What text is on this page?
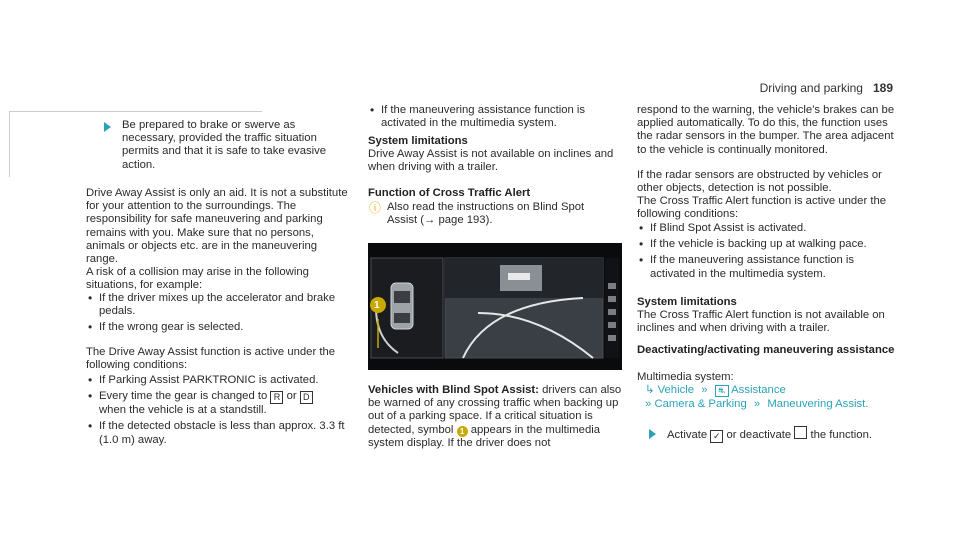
Driving and parking 189

Be prepared to brake or swerve as necessary, provided the traffic situation permits and that it is safe to take evasive action.

Drive Away Assist is only an aid. It is not a substitute for your attention to the surroundings. The responsibility for safe maneuvering and parking remains with you. Make sure that no persons, animals or objects etc. are in the maneuvering range.

A risk of a collision may arise in the following situations, for example:

• If the driver mixes up the accelerator and brake pedals.
• If the wrong gear is selected.

The Drive Away Assist function is active under the following conditions:

• If Parking Assist PARKTRONIC is activated.
• Every time the gear is changed to R or D
when the vehicle is at a standstill.
• If the detected obstacle is less than approx. 3.3 ft (1.0 m) away.
• If the maneuvering assistance function is activated in the multimedia system.

System limitations

Drive Away Assist is not available on inclines and when driving with a trailer.

Function of Cross Traffic Alert

ⓘ Also read the instructions on Blind Spot Assist (→ page 193).

1

Vehicles with Blind Spot Assist: drivers can also be warned of any crossing traffic when backing up out of a parking space. If a critical situation is detected, symbol 1 appears in the multimedia system display. If the driver does not

respond to the warning, the vehicle's brakes can be applied automatically. To do this, the function uses the radar sensors in the bumper. The area adjacent to the vehicle is continually monitored.

If the radar sensors are obstructed by vehicles or other objects, detection is not possible.

The Cross Traffic Alert function is active under the following conditions:

• If Blind Spot Assist is activated.
• If the vehicle is backing up at walking pace.
• If the maneuvering assistance function is activated in the multimedia system.

System limitations

The Cross Traffic Alert function is not available on inclines and when driving with a trailer.

Deactivating/activating maneuvering assistance

Multimedia system:

↳ Vehicle » ⛐ Assistance
» Camera & Parking » Maneuvering Assist.

Activate ✓ or deactivate the function.
